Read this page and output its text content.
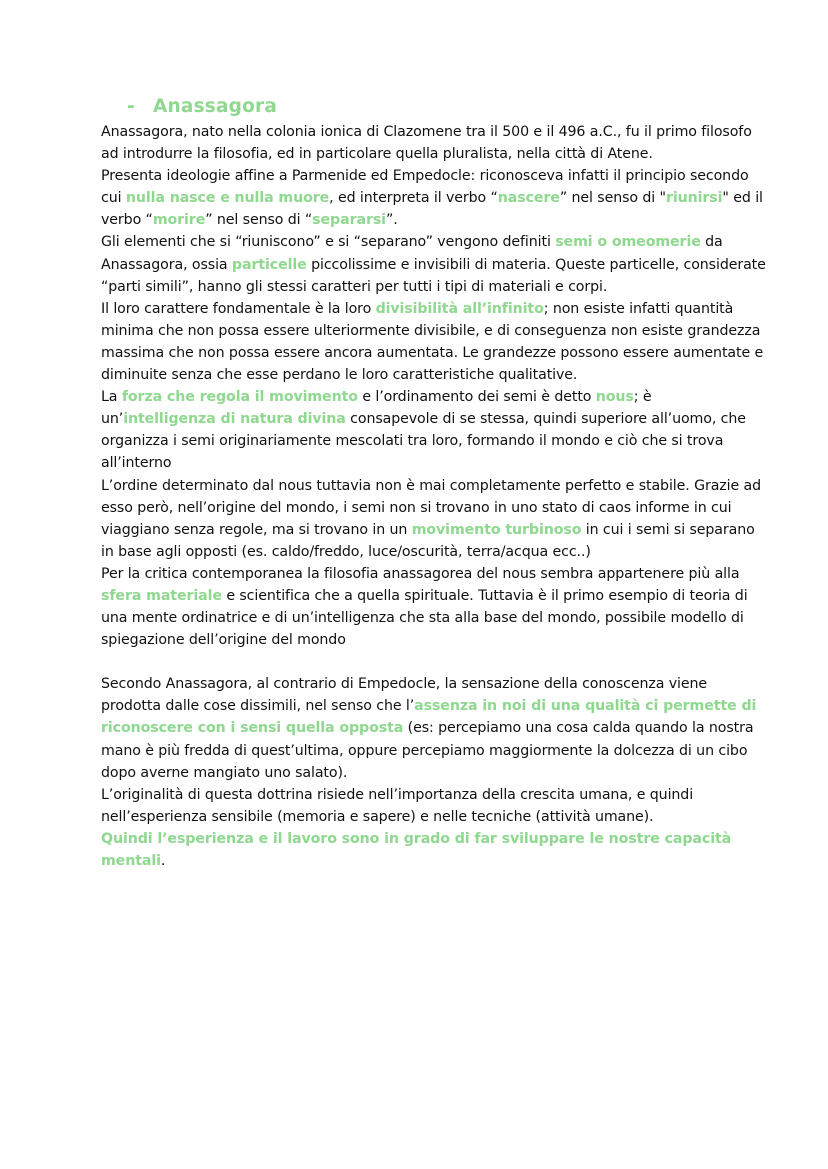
- Anassagora

Anassagora, nato nella colonia ionica di Clazomene tra il 500 e il 496 a.C., fu il primo filosofo ad introdurre la filosofia, ed in particolare quella pluralista, nella città di Atene.

Presenta ideologie affine a Parmenide ed Empedocle: riconosceva infatti il principio secondo cui nulla nasce e nulla muore, ed interpreta il verbo “nascere” nel senso di "riunirsi" ed il verbo “morire” nel senso di “separarsi”.

Gli elementi che si “riuniscono” e si “separano” vengono definiti semi o omeomerie da Anassagora, ossia particelle piccolissime e invisibili di materia. Queste particelle, considerate “parti simili”, hanno gli stessi caratteri per tutti i tipi di materiali e corpi.

Il loro carattere fondamentale è la loro divisibilità all’infinito; non esiste infatti quantità minima che non possa essere ulteriormente divisibile, e di conseguenza non esiste grandezza massima che non possa essere ancora aumentata. Le grandezze possono essere aumentate e diminuite senza che esse perdano le loro caratteristiche qualitative.

La forza che regola il movimento e l’ordinamento dei semi è detto nous; è un’intelligenza di natura divina consapevole di se stessa, quindi superiore all’uomo, che organizza i semi originariamente mescolati tra loro, formando il mondo e ciò che si trova all’interno

L’ordine determinato dal nous tuttavia non è mai completamente perfetto e stabile. Grazie ad esso però, nell’origine del mondo, i semi non si trovano in uno stato di caos informe in cui viaggiano senza regole, ma si trovano in un movimento turbinoso in cui i semi si separano in base agli opposti (es. caldo/freddo, luce/oscurità, terra/acqua ecc..)

Per la critica contemporanea la filosofia anassagorea del nous sembra appartenere più alla sfera materiale e scientifica che a quella spirituale. Tuttavia è il primo esempio di teoria di una mente ordinatrice e di un’intelligenza che sta alla base del mondo, possibile modello di spiegazione dell’origine del mondo

Secondo Anassagora, al contrario di Empedocle, la sensazione della conoscenza viene prodotta dalle cose dissimili, nel senso che l’assenza in noi di una qualità ci permette di riconoscere con i sensi quella opposta (es: percepiamo una cosa calda quando la nostra mano è più fredda di quest’ultima, oppure percepiamo maggiormente la dolcezza di un cibo dopo averne mangiato uno salato).

L’originalità di questa dottrina risiede nell’importanza della crescita umana, e quindi nell’esperienza sensibile (memoria e sapere) e nelle tecniche (attività umane).

Quindi l’esperienza e il lavoro sono in grado di far sviluppare le nostre capacità mentali.
